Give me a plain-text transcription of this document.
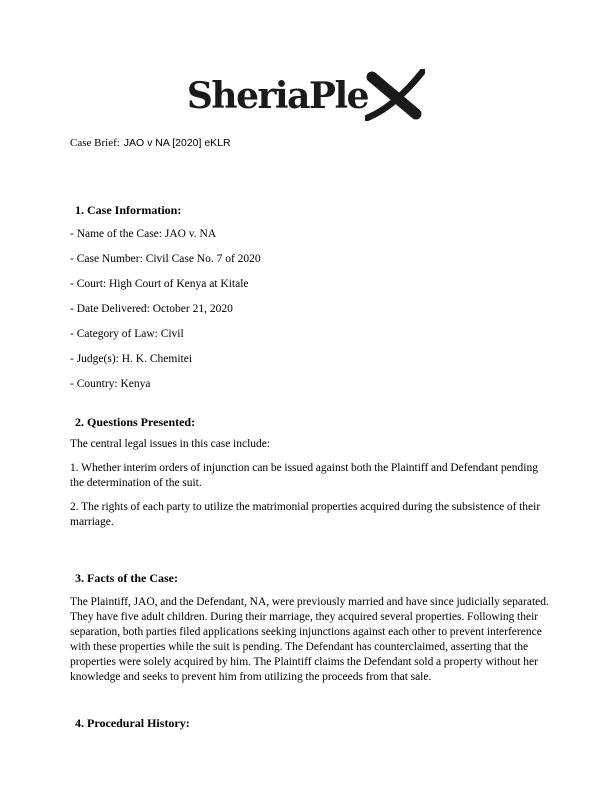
SheriaPle

Case Brief: JAO v NA [2020] eKLR

1. Case Information:

- Name of the Case: JAO v. NA

- Case Number: Civil Case No. 7 of 2020

- Court: High Court of Kenya at Kitale

- Date Delivered: October 21, 2020

- Category of Law: Civil

- Judge(s): H. K. Chemitei

- Country: Kenya

2. Questions Presented:

The central legal issues in this case include:

1. Whether interim orders of injunction can be issued against both the Plaintiff and Defendant pending the determination of the suit.

2. The rights of each party to utilize the matrimonial properties acquired during the subsistence of their marriage.

3. Facts of the Case:

The Plaintiff, JAO, and the Defendant, NA, were previously married and have since judicially separated. They have five adult children. During their marriage, they acquired several properties. Following their separation, both parties filed applications seeking injunctions against each other to prevent interference with these properties while the suit is pending. The Defendant has counterclaimed, asserting that the properties were solely acquired by him. The Plaintiff claims the Defendant sold a property without her knowledge and seeks to prevent him from utilizing the proceeds from that sale.

4. Procedural History:
